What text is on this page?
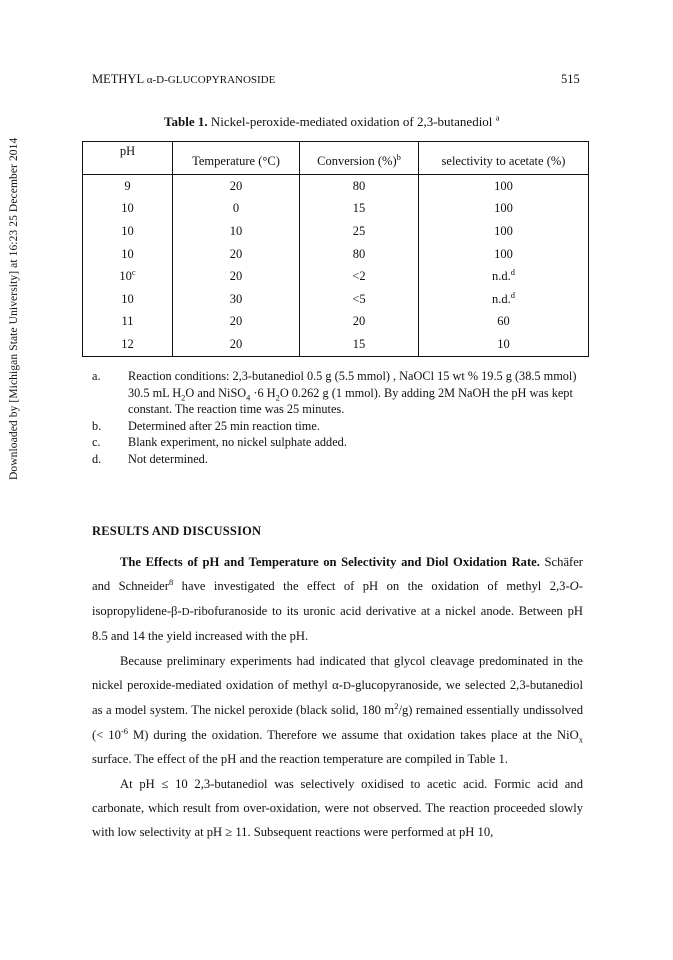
Downloaded by [Michigan State University] at 16:23 25 December 2014
METHYL α-D-GLUCOPYRANOSIDE	515
Table 1. Nickel-peroxide-mediated oxidation of 2,3-butanediol $^a$
pH	Temperature (°C)	Conversion (%)$^b$	selectivity to acetate (%)
9	20	80	100
10	0	15	100
10	10	25	100
10	20	80	100
10$^c$	20	<2	n.d.$^d$
10	30	<5	n.d.$^d$
11	20	20	60
12	20	15	10
a.	Reaction conditions: 2,3-butanediol 0.5 g (5.5 mmol) , NaOCl 15 wt % 19.5 g (38.5 mmol) 30.5 mL $H_2O$ and NiSO$_4$ ·6 $H_2O$ 0.262 g (1 mmol). By adding 2M NaOH the pH was kept constant. The reaction time was 25 minutes.
b.	Determined after 25 min reaction time.
c.	Blank experiment, no nickel sulphate added.
d.	Not determined.
RESULTS AND DISCUSSION

The Effects of pH and Temperature on Selectivity and Diol Oxidation Rate. Schäfer and Schneider$^8$ have investigated the effect of pH on the oxidation of methyl 2,3-O-isopropylidene-β-D-ribofuranoside to its uronic acid derivative at a nickel anode. Between pH 8.5 and 14 the yield increased with the pH.

Because preliminary experiments had indicated that glycol cleavage predominated in the nickel peroxide-mediated oxidation of methyl α-D-glucopyranoside, we selected 2,3-butanediol as a model system. The nickel peroxide (black solid, 180 $m^2/g$) remained essentially undissolved (< $10^{-6}$ M) during the oxidation. Therefore we assume that oxidation takes place at the NiO$_x$ surface. The effect of the pH and the reaction temperature are compiled in Table 1.

At pH ≤ 10 2,3-butanediol was selectively oxidised to acetic acid. Formic acid and carbonate, which result from over-oxidation, were not observed. The reaction proceeded slowly with low selectivity at pH ≥ 11. Subsequent reactions were performed at pH 10,
